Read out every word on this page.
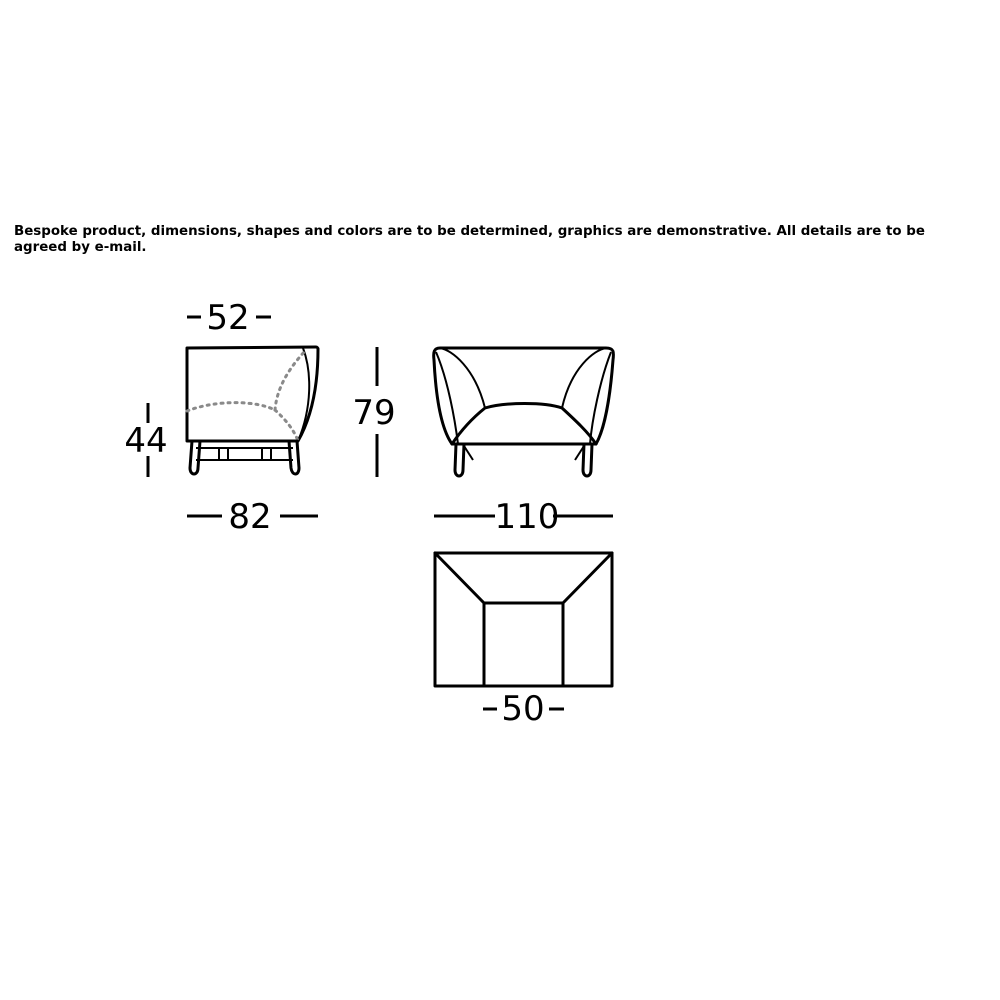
Bespoke product, dimensions, shapes and colors are to be determined, graphics are demonstrative. All details are to be agreed by e-mail.

52
44
82
79
110
50
